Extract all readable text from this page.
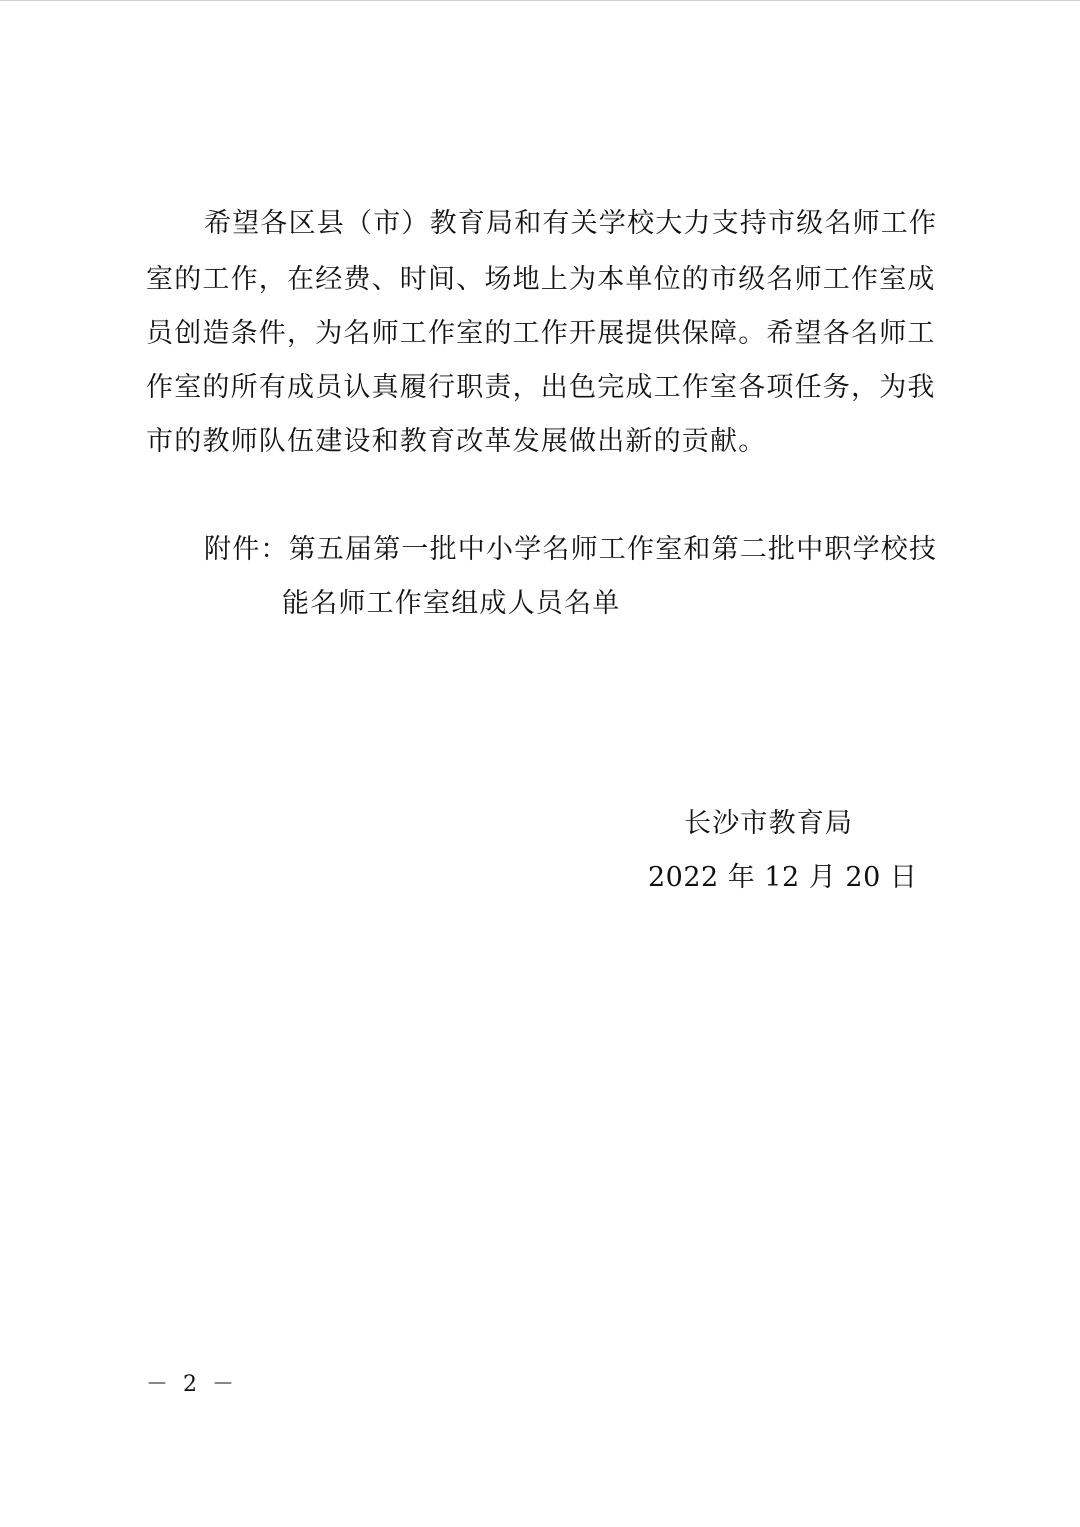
希望各区县（市）教育局和有关学校大力支持市级名师工作
室的工作，在经费、时间、场地上为本单位的市级名师工作室成
员创造条件，为名师工作室的工作开展提供保障。希望各名师工
作室的所有成员认真履行职责，出色完成工作室各项任务，为我
市的教师队伍建设和教育改革发展做出新的贡献。
附件：第五届第一批中小学名师工作室和第二批中职学校技
能名师工作室组成人员名单
长沙市教育局
2022 年 12 月 20 日
－ 2 －
